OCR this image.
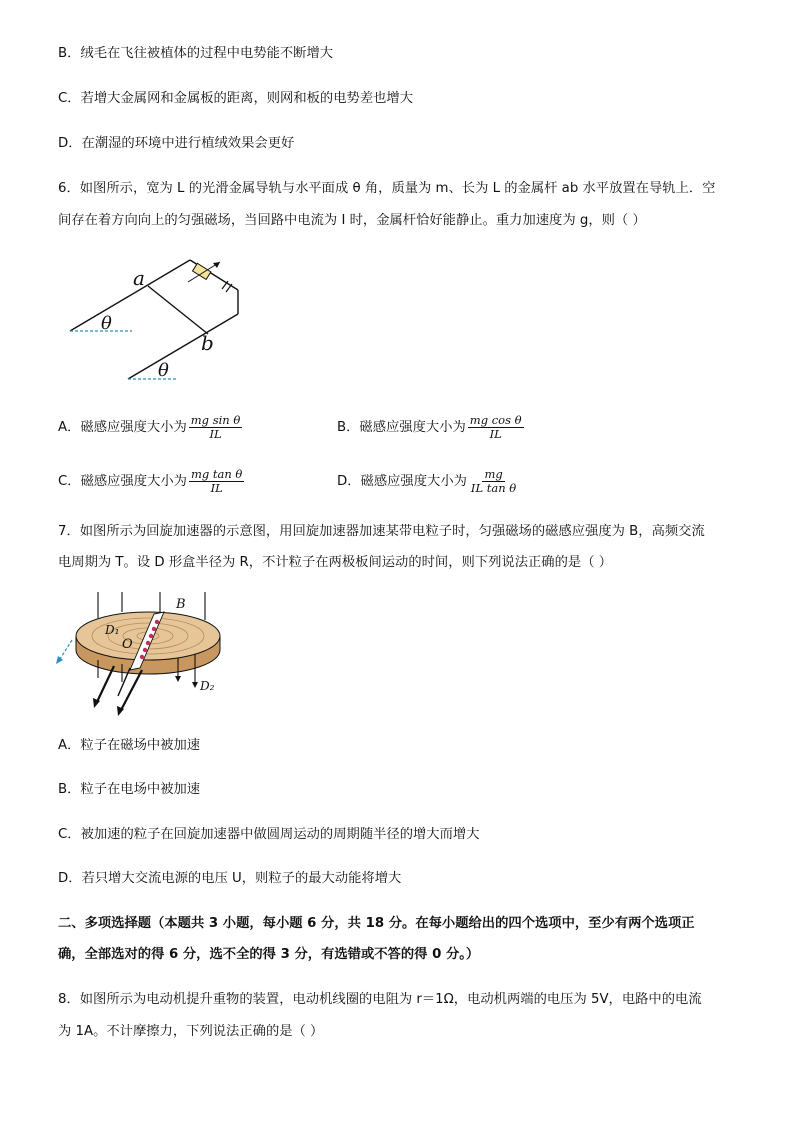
B．绒毛在飞往被植体的过程中电势能不断增大
C．若增大金属网和金属板的距离，则网和板的电势差也增大
D．在潮湿的环境中进行植绒效果会更好
6．如图所示，宽为 L 的光滑金属导轨与水平面成 θ 角，质量为 m、长为 L 的金属杆 ab 水平放置在导轨上．空
间存在着方向向上的匀强磁场，当回路中电流为 I 时，金属杆恰好能静止。重力加速度为 g，则（ ）
a
b
θ
θ
A．磁感应强度大小为 $\frac{\text{mg sin θ}}{IL}$	B．磁感应强度大小为 $\frac{\text{mg cos θ}}{IL}$
C．磁感应强度大小为 $\frac{\text{mg tan θ}}{IL}$	D．磁感应强度大小为 $\frac{mg}{\text{IL tan θ}}$
7．如图所示为回旋加速器的示意图，用回旋加速器加速某带电粒子时，匀强磁场的磁感应强度为 B，高频交流
电周期为 T。设 D 形盒半径为 R，不计粒子在两极板间运动的时间，则下列说法正确的是（ ）
B
D₁
O
D₂
A．粒子在磁场中被加速
B．粒子在电场中被加速
C．被加速的粒子在回旋加速器中做圆周运动的周期随半径的增大而增大
D．若只增大交流电源的电压 U，则粒子的最大动能将增大
二、多项选择题（本题共 3 小题，每小题 6 分，共 18 分。在每小题给出的四个选项中，至少有两个选项正
确，全部选对的得 6 分，选不全的得 3 分，有选错或不答的得 0 分。）
8．如图所示为电动机提升重物的装置，电动机线圈的电阻为 r＝1Ω，电动机两端的电压为 5V，电路中的电流
为 1A。不计摩擦力，下列说法正确的是（ ）
